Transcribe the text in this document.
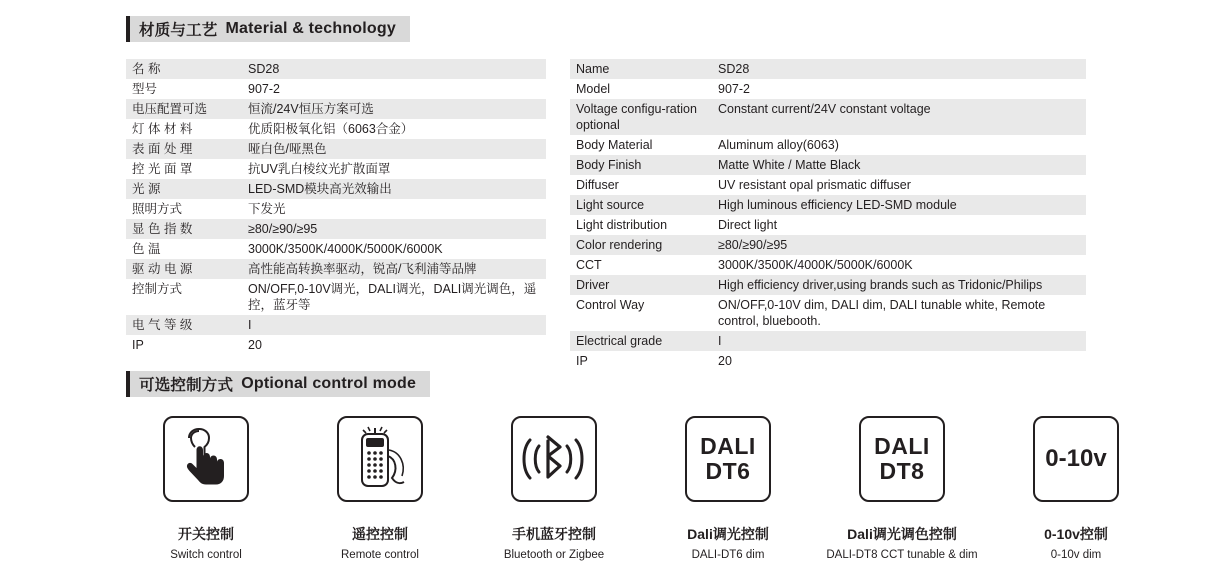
材质与工艺 Material & technology
名 称	SD28
型号	907-2
电压配置可选	恒流/24V恒压方案可选
灯 体 材 料	优质阳极氧化铝（6063合金）
表 面 处 理	哑白色/哑黑色
控 光 面 罩	抗UV乳白棱纹光扩散面罩
光 源	LED-SMD模块高光效输出
照明方式	下发光
显 色 指 数	≥80/≥90/≥95
色 温	3000K/3500K/4000K/5000K/6000K
驱 动 电 源	高性能高转换率驱动，锐高/飞利浦等品牌
控制方式	ON/OFF,0-10V调光，DALI调光，DALI调光调色，遥控，蓝牙等
电 气 等 级	I
IP	20
Name	SD28
Model	907-2
Voltage configu-ration optional	Constant current/24V constant voltage
Body Material	Aluminum alloy(6063)
Body Finish	Matte White / Matte Black
Diffuser	UV resistant opal prismatic diffuser
Light source	High luminous efficiency LED-SMD module
Light distribution	Direct light
Color rendering	≥80/≥90/≥95
CCT	3000K/3500K/4000K/5000K/6000K
Driver	High efficiency driver,using brands such as Tridonic/Philips
Control Way	ON/OFF,0-10V dim, DALI dim, DALI tunable white, Remote control, bluebooth.
Electrical grade	I
IP	20
可选控制方式 Optional control mode
开关控制
Switch control
遥控控制
Remote control
手机蓝牙控制
Bluetooth or Zigbee
DALI
DT6
Dali调光控制
DALI-DT6 dim
DALI
DT8
Dali调光调色控制
DALI-DT8 CCT tunable & dim
0-10v
0-10v控制
0-10v dim
